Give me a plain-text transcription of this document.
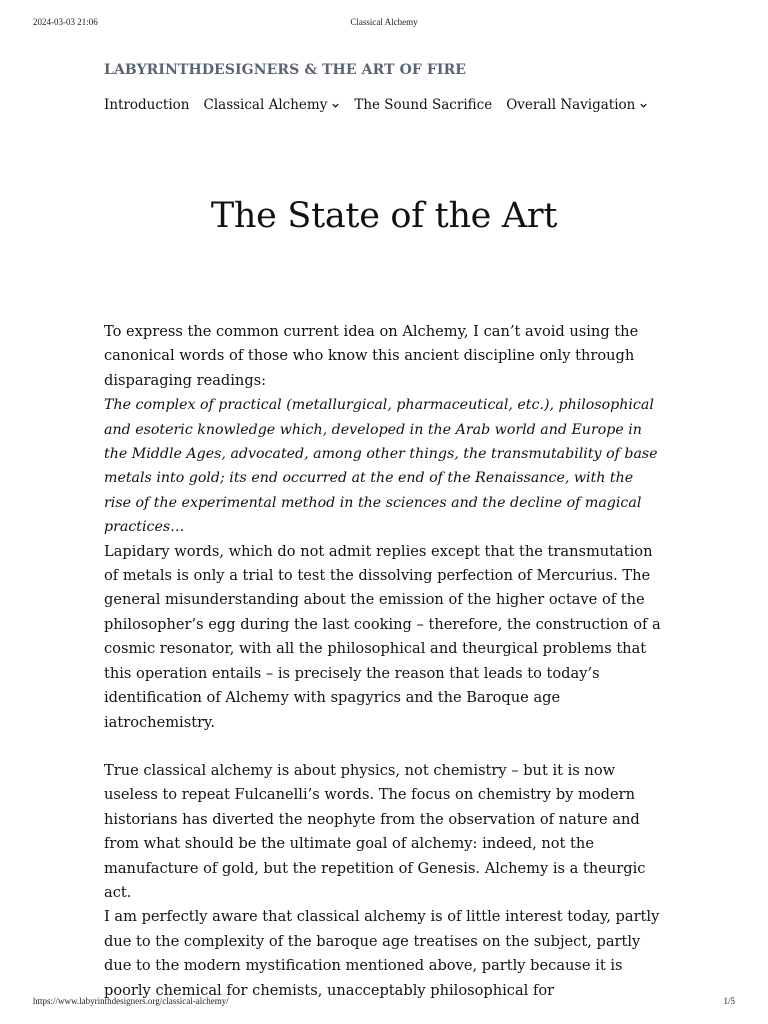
2024-03-03 21:06	Classical Alchemy
LABYRINTHDESIGNERS & THE ART OF FIRE
Introduction Classical Alchemy The Sound Sacrifice Overall Navigation
The State of the Art

To express the common current idea on Alchemy, I can’t avoid using the canonical words of those who know this ancient discipline only through disparaging readings:

The complex of practical (metallurgical, pharmaceutical, etc.), philosophical and esoteric knowledge which, developed in the Arab world and Europe in the Middle Ages, advocated, among other things, the transmutability of base metals into gold; its end occurred at the end of the Renaissance, with the rise of the experimental method in the sciences and the decline of magical practices…

Lapidary words, which do not admit replies except that the transmutation of metals is only a trial to test the dissolving perfection of Mercurius. The general misunderstanding about the emission of the higher octave of the philosopher’s egg during the last cooking – therefore, the construction of a cosmic resonator, with all the philosophical and theurgical problems that this operation entails – is precisely the reason that leads to today’s identification of Alchemy with spagyrics and the Baroque age iatrochemistry.

True classical alchemy is about physics, not chemistry – but it is now useless to repeat Fulcanelli’s words. The focus on chemistry by modern historians has diverted the neophyte from the observation of nature and from what should be the ultimate goal of alchemy: indeed, not the manufacture of gold, but the repetition of Genesis. Alchemy is a theurgic act.

I am perfectly aware that classical alchemy is of little interest today, partly due to the complexity of the baroque age treatises on the subject, partly due to the modern mystification mentioned above, partly because it is poorly chemical for chemists, unacceptably philosophical for

https://www.labyrinthdesigners.org/classical-alchemy/	1/5
